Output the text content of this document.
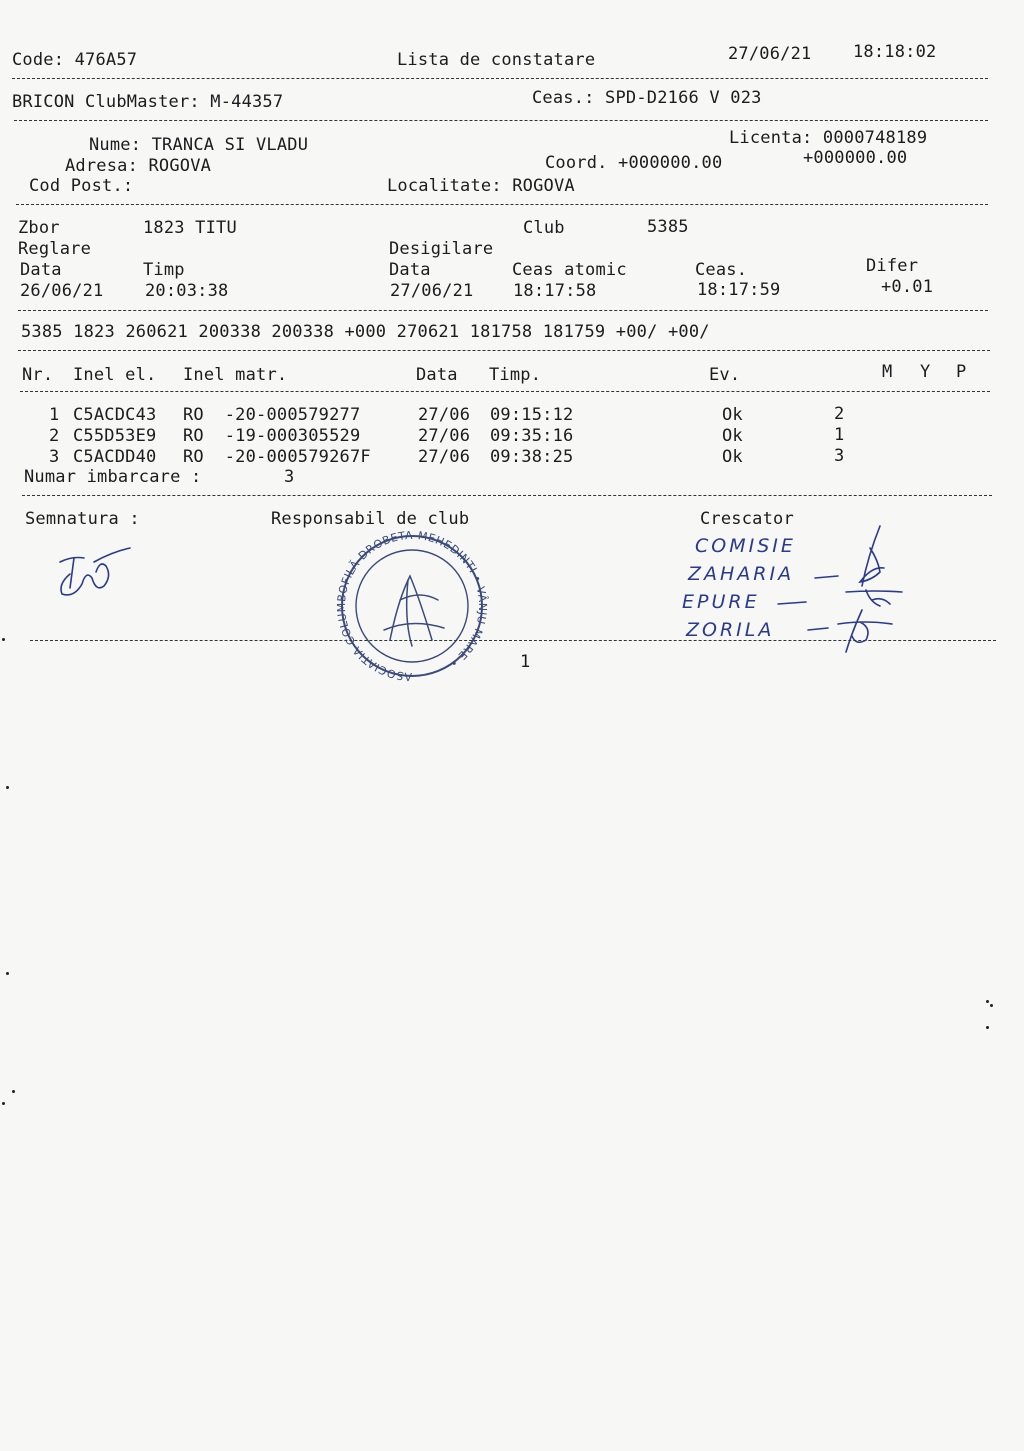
Code: 476A57	Lista de constatare	27/06/21 18:18:02
BRICON ClubMaster: M-44357	Ceas.: SPD-D2166 V 023
Nume: TRANCA SI VLADU	Licenta: 0000748189
Adresa: ROGOVA	Coord. +000000.00	+000000.00
Cod Post.:	Localitate: ROGOVA
Zbor	1823 TITU	Club	5385
Reglare	Desigilare
Data	Timp	Data	Ceas atomic	Ceas.	Difer
26/06/21 20:03:38	27/06/21 18:17:58	18:17:59	+0.01
5385 1823 260621 200338 200338 +000 270621 181758 181759 +00/ +00/
Nr. Inel el. Inel matr.	Data Timp.	Ev.	M Y P
1 C5ACDC43 RO  -20-000579277	27/06 09:15:12	Ok	2
2 C55D53E9 RO  -19-000305529	27/06 09:35:16	Ok	1
3 C5ACDD40 RO  -20-000579267F	27/06 09:38:25	Ok	3
Numar imbarcare :	3
Semnatura :	Responsabil de club	Crescator
COMISIE
ZAHARIA
EPURE
ZORILA
ASOCIATIA COLUMBOFILĂ DROBETA-MEHEDINTI • VÂNJU MARE •	1
